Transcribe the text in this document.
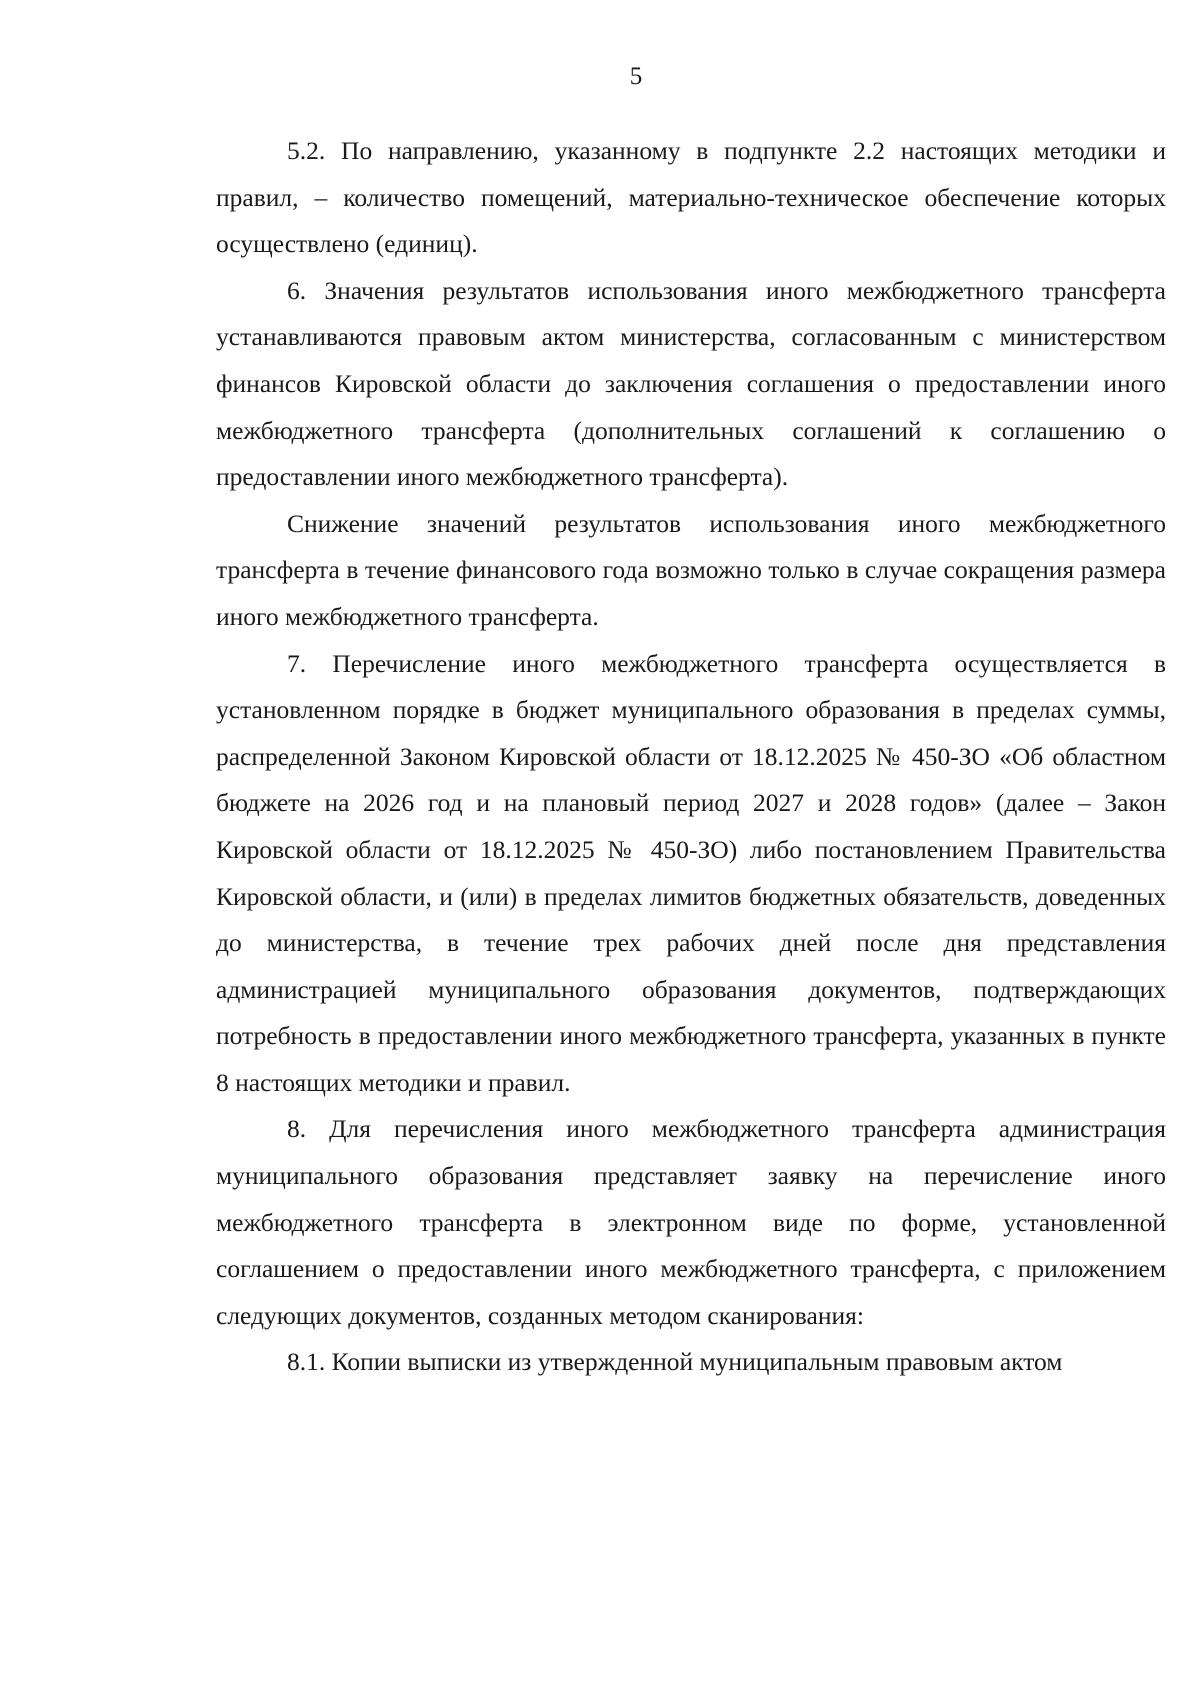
5

5.2. По направлению, указанному в подпункте 2.2 настоящих методики и правил, – количество помещений, материально-техническое обеспечение которых осуществлено (единиц).

6. Значения результатов использования иного межбюджетного трансферта устанавливаются правовым актом министерства, согласованным с министерством финансов Кировской области до заключения соглашения о предоставлении иного межбюджетного трансферта (дополнительных соглашений к соглашению о предоставлении иного межбюджетного трансферта).

Снижение значений результатов использования иного межбюджетного трансферта в течение финансового года возможно только в случае сокращения размера иного межбюджетного трансферта.

7. Перечисление иного межбюджетного трансферта осуществляется в установленном порядке в бюджет муниципального образования в пределах суммы, распределенной Законом Кировской области от 18.12.2025 № 450-ЗО «Об областном бюджете на 2026 год и на плановый период 2027 и 2028 годов» (далее – Закон Кировской области от 18.12.2025 № 450-ЗО) либо постановлением Правительства Кировской области, и (или) в пределах лимитов бюджетных обязательств, доведенных до министерства, в течение трех рабочих дней после дня представления администрацией муниципального образования документов, подтверждающих потребность в предоставлении иного межбюджетного трансферта, указанных в пункте 8 настоящих методики и правил.

8. Для перечисления иного межбюджетного трансферта администрация муниципального образования представляет заявку на перечисление иного межбюджетного трансферта в электронном виде по форме, установленной соглашением о предоставлении иного межбюджетного трансферта, с приложением следующих документов, созданных методом сканирования:

8.1. Копии выписки из утвержденной муниципальным правовым актом
